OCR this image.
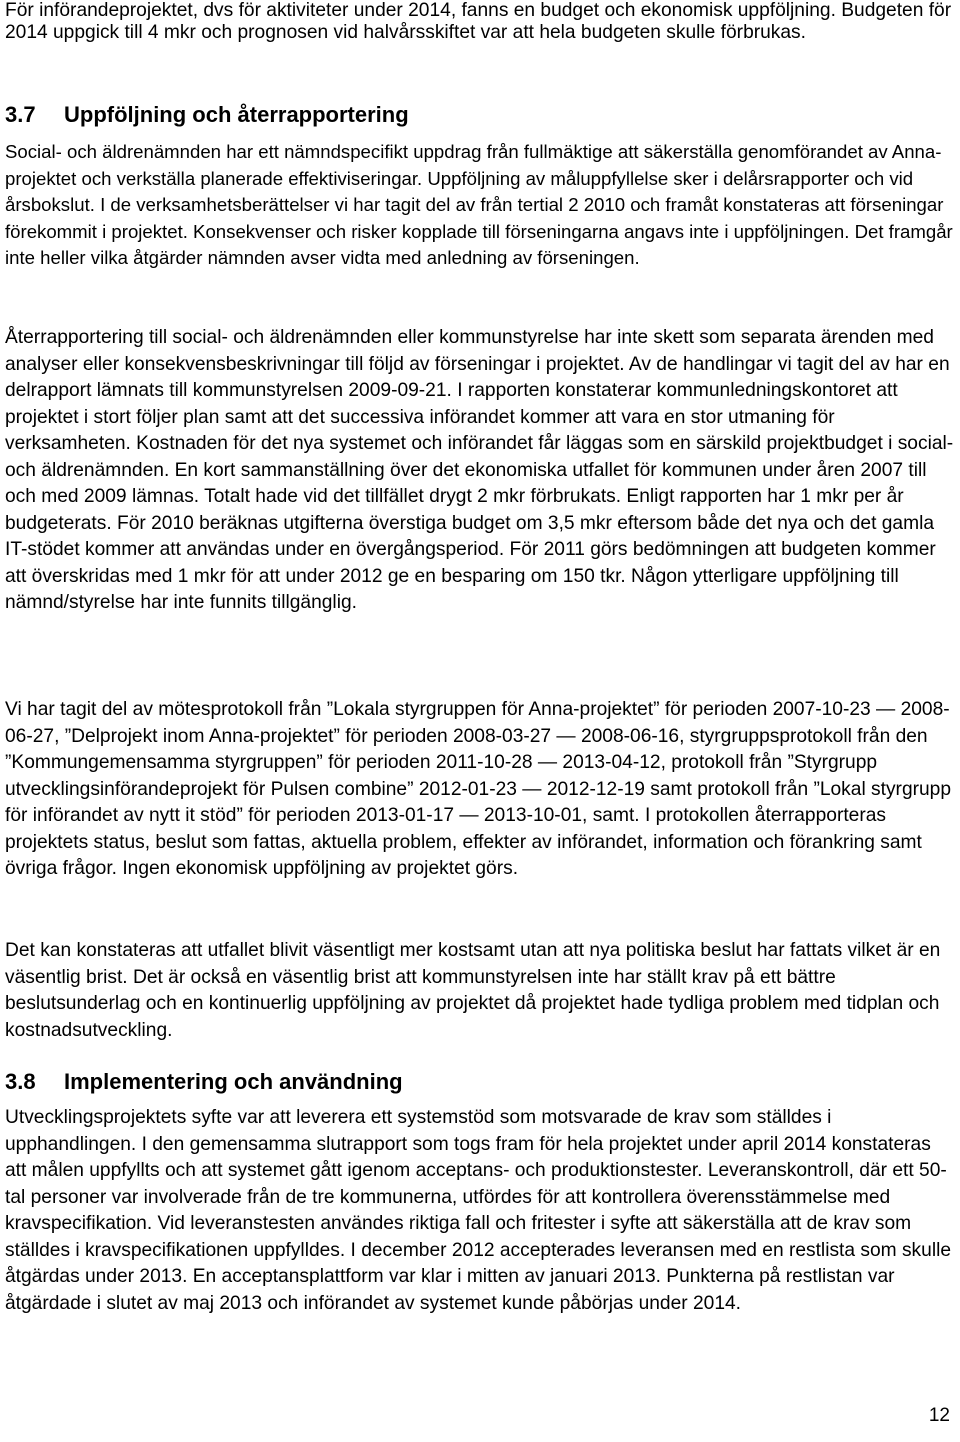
För införandeprojektet, dvs för aktiviteter under 2014, fanns en budget och ekonomisk uppföljning. Budgeten för 2014 uppgick till 4 mkr och prognosen vid halvårsskiftet var att hela budgeten skulle förbrukas.

3.7 Uppföljning och återrapportering

Social- och äldrenämnden har ett nämndspecifikt uppdrag från fullmäktige att säkerställa genomförandet av Anna-projektet och verkställa planerade effektiviseringar. Uppföljning av måluppfyllelse sker i delårsrapporter och vid årsbokslut. I de verksamhetsberättelser vi har tagit del av från tertial 2 2010 och framåt konstateras att förseningar förekommit i projektet. Konsekvenser och risker kopplade till förseningarna angavs inte i uppföljningen. Det framgår inte heller vilka åtgärder nämnden avser vidta med anledning av förseningen.

Återrapportering till social- och äldrenämnden eller kommunstyrelse har inte skett som separata ärenden med analyser eller konsekvensbeskrivningar till följd av förseningar i projektet. Av de handlingar vi tagit del av har en delrapport lämnats till kommunstyrelsen 2009-09-21. I rapporten konstaterar kommunledningskontoret att projektet i stort följer plan samt att det successiva införandet kommer att vara en stor utmaning för verksamheten. Kostnaden för det nya systemet och införandet får läggas som en särskild projektbudget i social- och äldrenämnden. En kort sammanställning över det ekonomiska utfallet för kommunen under åren 2007 till och med 2009 lämnas. Totalt hade vid det tillfället drygt 2 mkr förbrukats. Enligt rapporten har 1 mkr per år budgeterats. För 2010 beräknas utgifterna överstiga budget om 3,5 mkr eftersom både det nya och det gamla IT-stödet kommer att användas under en övergångsperiod. För 2011 görs bedömningen att budgeten kommer att överskridas med 1 mkr för att under 2012 ge en besparing om 150 tkr. Någon ytterligare uppföljning till nämnd/styrelse har inte funnits tillgänglig.

Vi har tagit del av mötesprotokoll från ”Lokala styrgruppen för Anna-projektet” för perioden 2007-10-23 — 2008-06-27, ”Delprojekt inom Anna-projektet” för perioden 2008-03-27 — 2008-06-16, styrgruppsprotokoll från den ”Kommungemensamma styrgruppen” för perioden 2011-10-28 — 2013-04-12, protokoll från ”Styrgrupp utvecklingsinförandeprojekt för Pulsen combine” 2012-01-23 — 2012-12-19 samt protokoll från ”Lokal styrgrupp för införandet av nytt it stöd” för perioden 2013-01-17 — 2013-10-01, samt. I protokollen återrapporteras projektets status, beslut som fattas, aktuella problem, effekter av införandet, information och förankring samt övriga frågor. Ingen ekonomisk uppföljning av projektet görs.

Det kan konstateras att utfallet blivit väsentligt mer kostsamt utan att nya politiska beslut har fattats vilket är en väsentlig brist. Det är också en väsentlig brist att kommunstyrelsen inte har ställt krav på ett bättre beslutsunderlag och en kontinuerlig uppföljning av projektet då projektet hade tydliga problem med tidplan och kostnadsutveckling.

3.8 Implementering och användning

Utvecklingsprojektets syfte var att leverera ett systemstöd som motsvarade de krav som ställdes i upphandlingen. I den gemensamma slutrapport som togs fram för hela projektet under april 2014 konstateras att målen uppfyllts och att systemet gått igenom acceptans- och produktionstester. Leveranskontroll, där ett 50- tal personer var involverade från de tre kommunerna, utfördes för att kontrollera överensstämmelse med kravspecifikation. Vid leveranstesten användes riktiga fall och fritester i syfte att säkerställa att de krav som ställdes i kravspecifikationen uppfylldes. I december 2012 accepterades leveransen med en restlista som skulle åtgärdas under 2013. En acceptansplattform var klar i mitten av januari 2013. Punkterna på restlistan var åtgärdade i slutet av maj 2013 och införandet av systemet kunde påbörjas under 2014.

12
